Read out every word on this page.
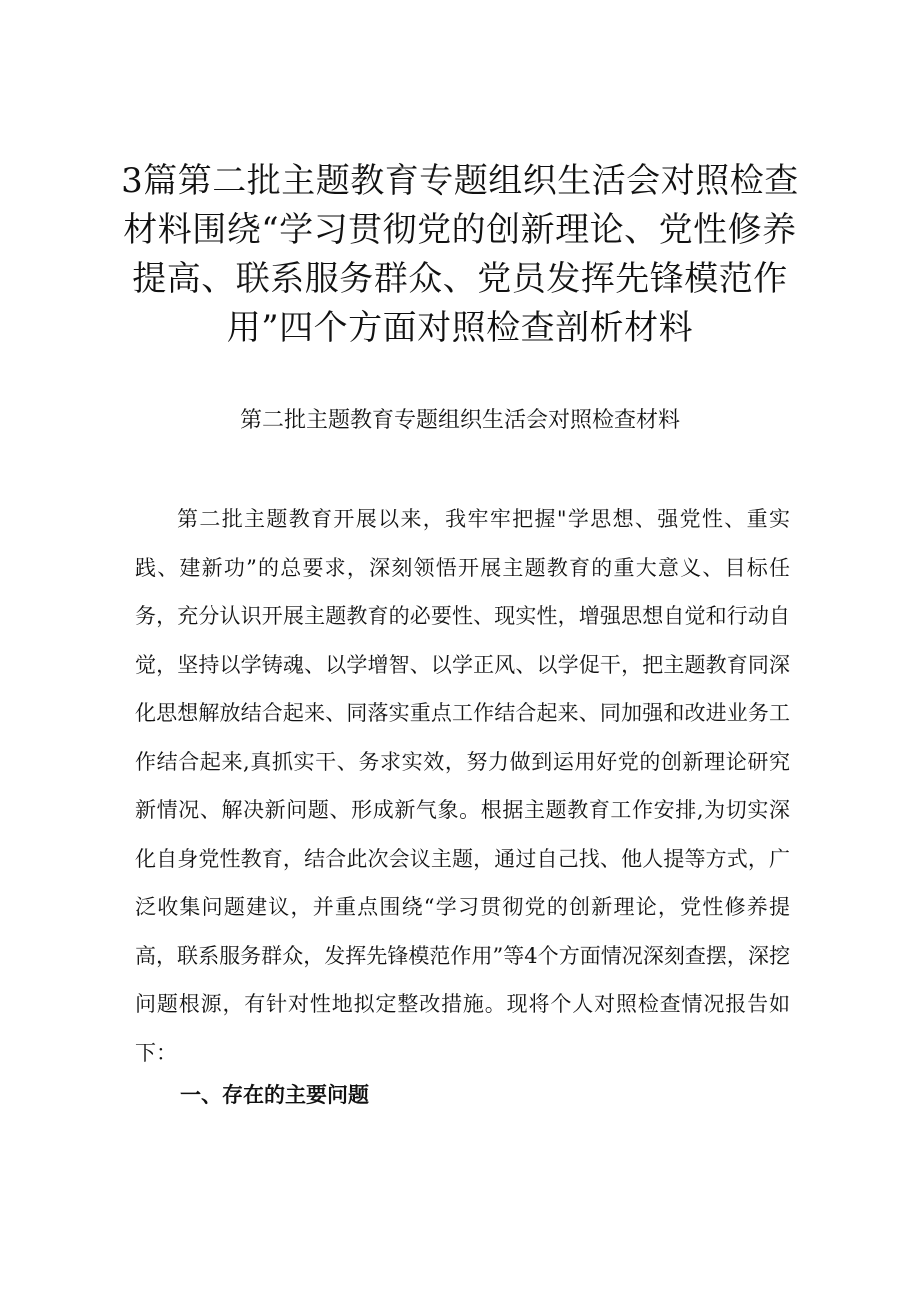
3篇第二批主题教育专题组织生活会对照检查材料围绕“学习贯彻党的创新理论、党性修养提高、联系服务群众、党员发挥先锋模范作用”四个方面对照检查剖析材料

第二批主题教育专题组织生活会对照检查材料

第二批主题教育开展以来，我牢牢把握"学思想、强党性、重实践、建新功”的总要求，深刻领悟开展主题教育的重大意义、目标任务，充分认识开展主题教育的必要性、现实性，增强思想自觉和行动自觉，坚持以学铸魂、以学增智、以学正风、以学促干，把主题教育同深化思想解放结合起来、同落实重点工作结合起来、同加强和改进业务工作结合起来,真抓实干、务求实效，努力做到运用好党的创新理论研究新情况、解决新问题、形成新气象。根据主题教育工作安排,为切实深化自身党性教育，结合此次会议主题，通过自己找、他人提等方式，广泛收集问题建议，并重点围绕“学习贯彻党的创新理论，党性修养提高，联系服务群众，发挥先锋模范作用”等4个方面情况深刻查摆，深挖问题根源，有针对性地拟定整改措施。现将个人对照检查情况报告如下：

一、存在的主要问题
